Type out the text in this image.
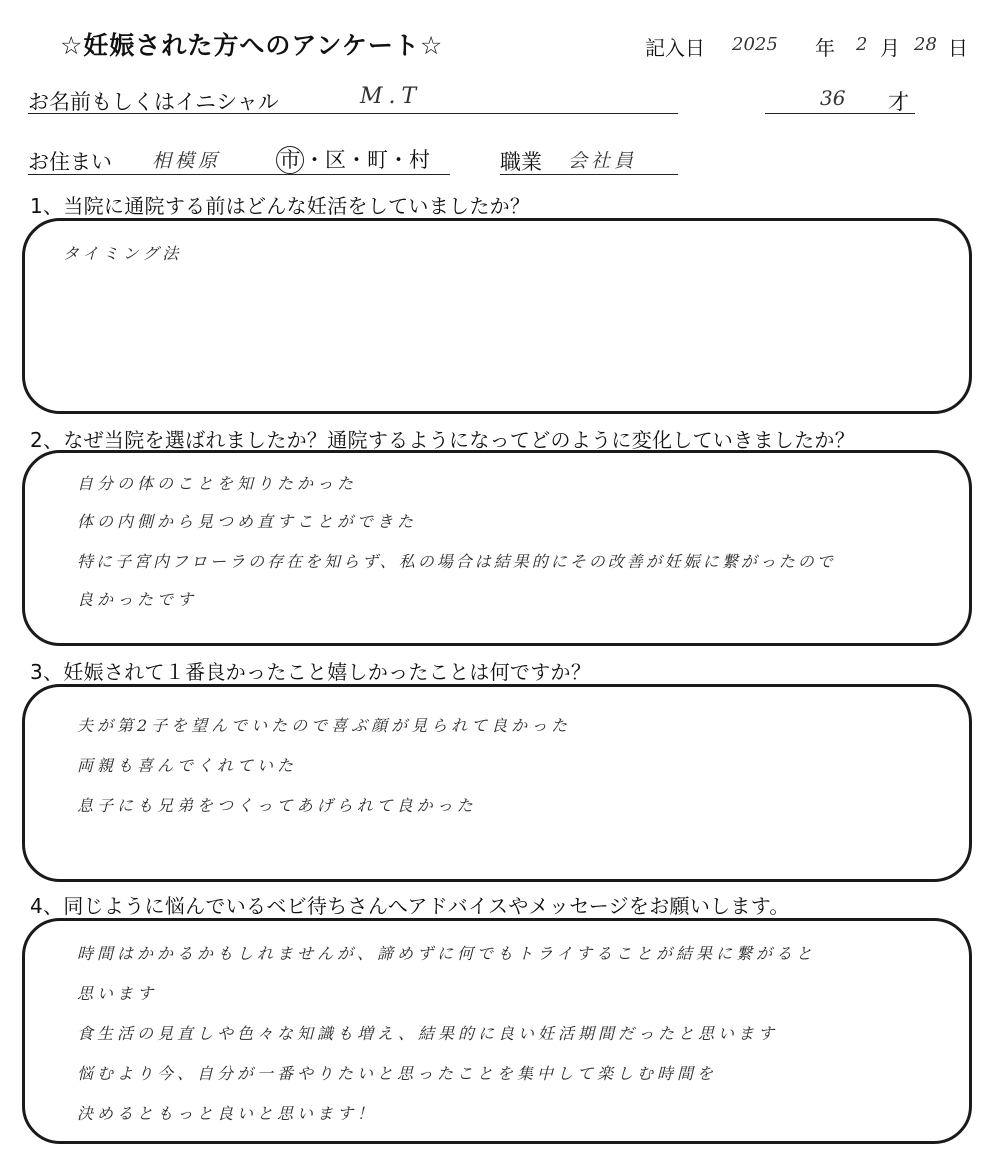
☆妊娠された方へのアンケート☆	記入日 2025 年 2 月 28 日
お名前もしくはイニシャル	M.T	36 才
お住まい 相模原	市 ・区・町・村	職業 会社員
1、当院に通院する前はどんな妊活をしていましたか？
タイミング法
2、なぜ当院を選ばれましたか？通院するようになってどのように変化していきましたか？
自分の体のことを知りたかった
体の内側から見つめ直すことができた
特に子宮内フローラの存在を知らず、私の場合は結果的にその改善が妊娠に繋がったので
良かったです
3、妊娠されて１番良かったこと嬉しかったことは何ですか？
夫が第2子を望んでいたので喜ぶ顔が見られて良かった
両親も喜んでくれていた
息子にも兄弟をつくってあげられて良かった
4、同じように悩んでいるベビ待ちさんへアドバイスやメッセージをお願いします。
時間はかかるかもしれませんが、諦めずに何でもトライすることが結果に繋がると
思います
食生活の見直しや色々な知識も増え、結果的に良い妊活期間だったと思います
悩むより今、自分が一番やりたいと思ったことを集中して楽しむ時間を
決めるともっと良いと思います！
